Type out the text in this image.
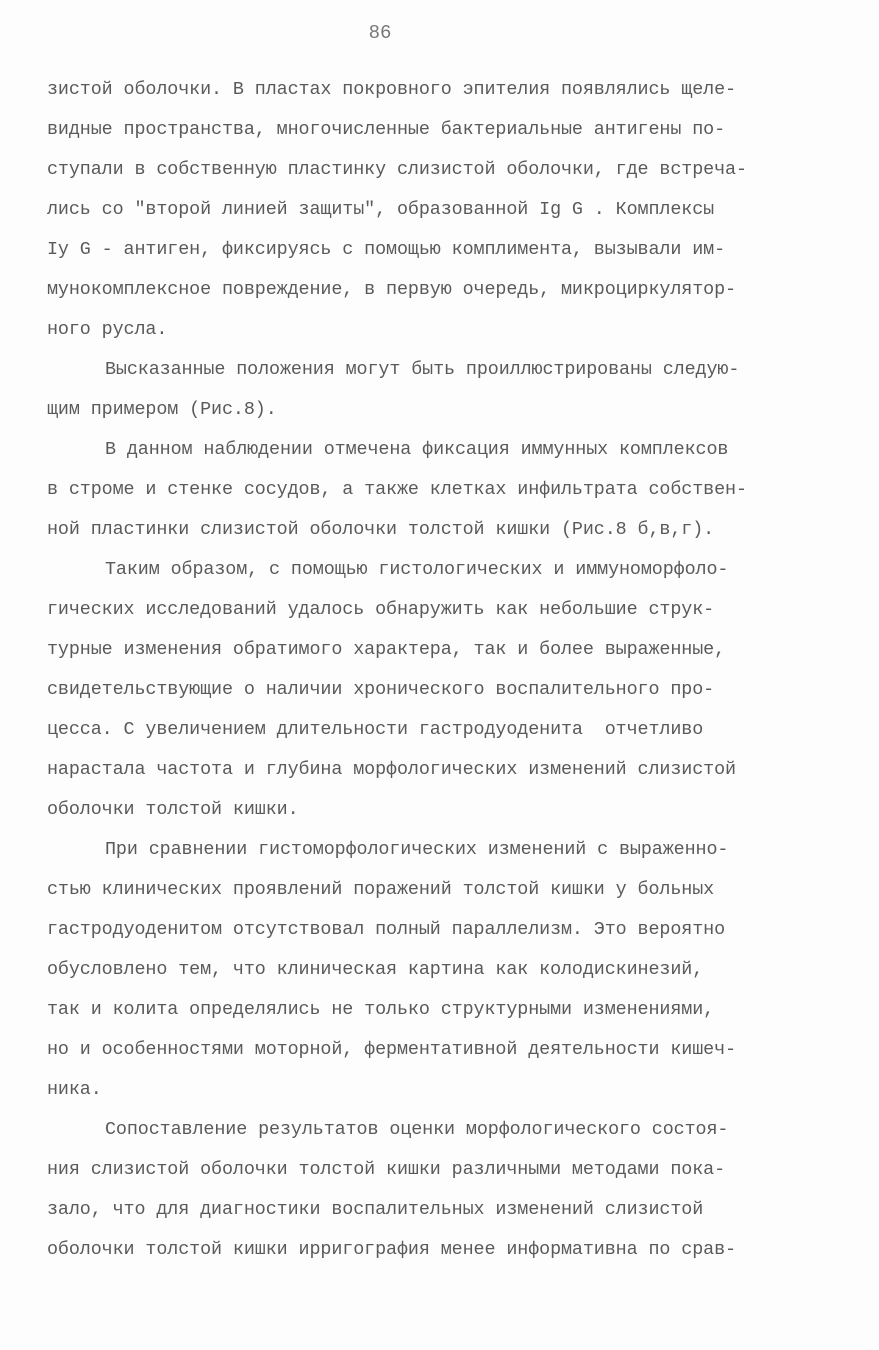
86
зистой оболочки. В пластах покровного эпителия появлялись щеле-
видные пространства, многочисленные бактериальные антигены по-
ступали в собственную пластинку слизистой оболочки, где встреча-
лись со "второй линией защиты", образованной Ig G . Комплексы
Iy G - антиген, фиксируясь с помощью комплимента, вызывали им-
мунокомплексное повреждение, в первую очередь, микроциркулятор-
ного русла.
Высказанные положения могут быть проиллюстрированы следую-
щим примером (Рис.8).
В данном наблюдении отмечена фиксация иммунных комплексов
в строме и стенке сосудов, а также клетках инфильтрата собствен-
ной пластинки слизистой оболочки толстой кишки (Рис.8 б,в,г).
Таким образом, с помощью гистологических и иммуноморфоло-
гических исследований удалось обнаружить как небольшие струк-
турные изменения обратимого характера, так и более выраженные,
свидетельствующие о наличии хронического воспалительного про-
цесса. С увеличением длительности гастродуоденита  отчетливо
нарастала частота и глубина морфологических изменений слизистой
оболочки толстой кишки.
При сравнении гистоморфологических изменений с выраженно-
стью клинических проявлений поражений толстой кишки у больных
гастродуоденитом отсутствовал полный параллелизм. Это вероятно
обусловлено тем, что клиническая картина как колодискинезий,
так и колита определялись не только структурными изменениями,
но и особенностями моторной, ферментативной деятельности кишеч-
ника.
Сопоставление результатов оценки морфологического состоя-
ния слизистой оболочки толстой кишки различными методами пока-
зало, что для диагностики воспалительных изменений слизистой
оболочки толстой кишки ирригография менее информативна по срав-
